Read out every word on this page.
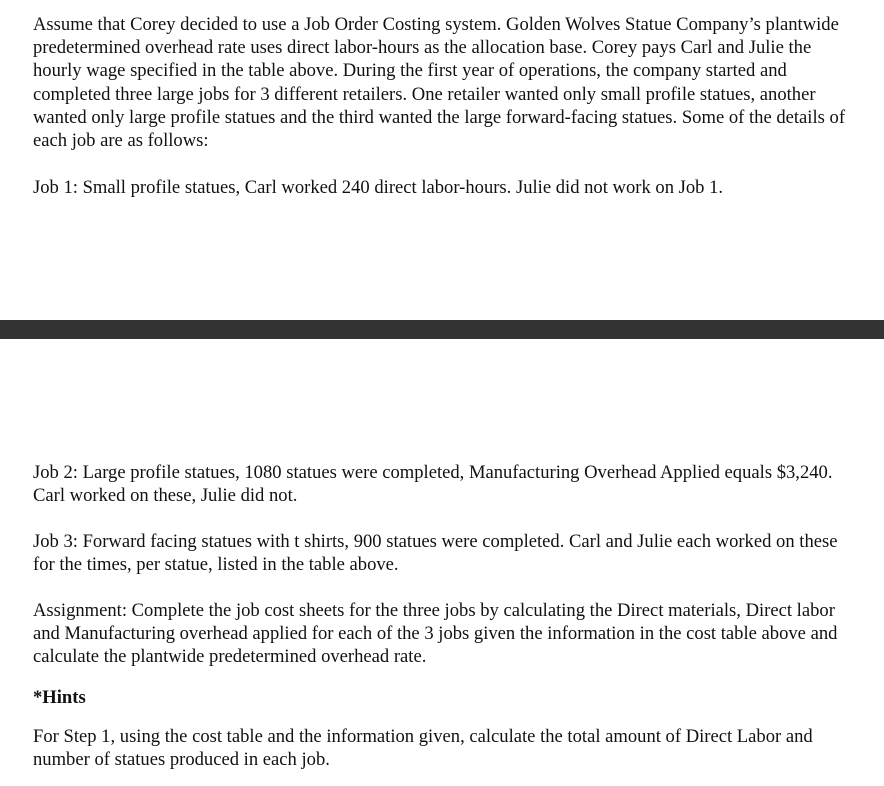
Assume that Corey decided to use a Job Order Costing system. Golden Wolves Statue Company’s plantwide predetermined overhead rate uses direct labor-hours as the allocation base. Corey pays Carl and Julie the hourly wage specified in the table above. During the first year of operations, the company started and completed three large jobs for 3 different retailers. One retailer wanted only small profile statues, another wanted only large profile statues and the third wanted the large forward-facing statues. Some of the details of each job are as follows:

Job 1: Small profile statues, Carl worked 240 direct labor-hours. Julie did not work on Job 1.

Job 2: Large profile statues, 1080 statues were completed, Manufacturing Overhead Applied equals $3,240. Carl worked on these, Julie did not.

Job 3: Forward facing statues with t shirts, 900 statues were completed. Carl and Julie each worked on these for the times, per statue, listed in the table above.

Assignment: Complete the job cost sheets for the three jobs by calculating the Direct materials, Direct labor and Manufacturing overhead applied for each of the 3 jobs given the information in the cost table above and calculate the plantwide predetermined overhead rate.

*Hints

For Step 1, using the cost table and the information given, calculate the total amount of Direct Labor and number of statues produced in each job.
